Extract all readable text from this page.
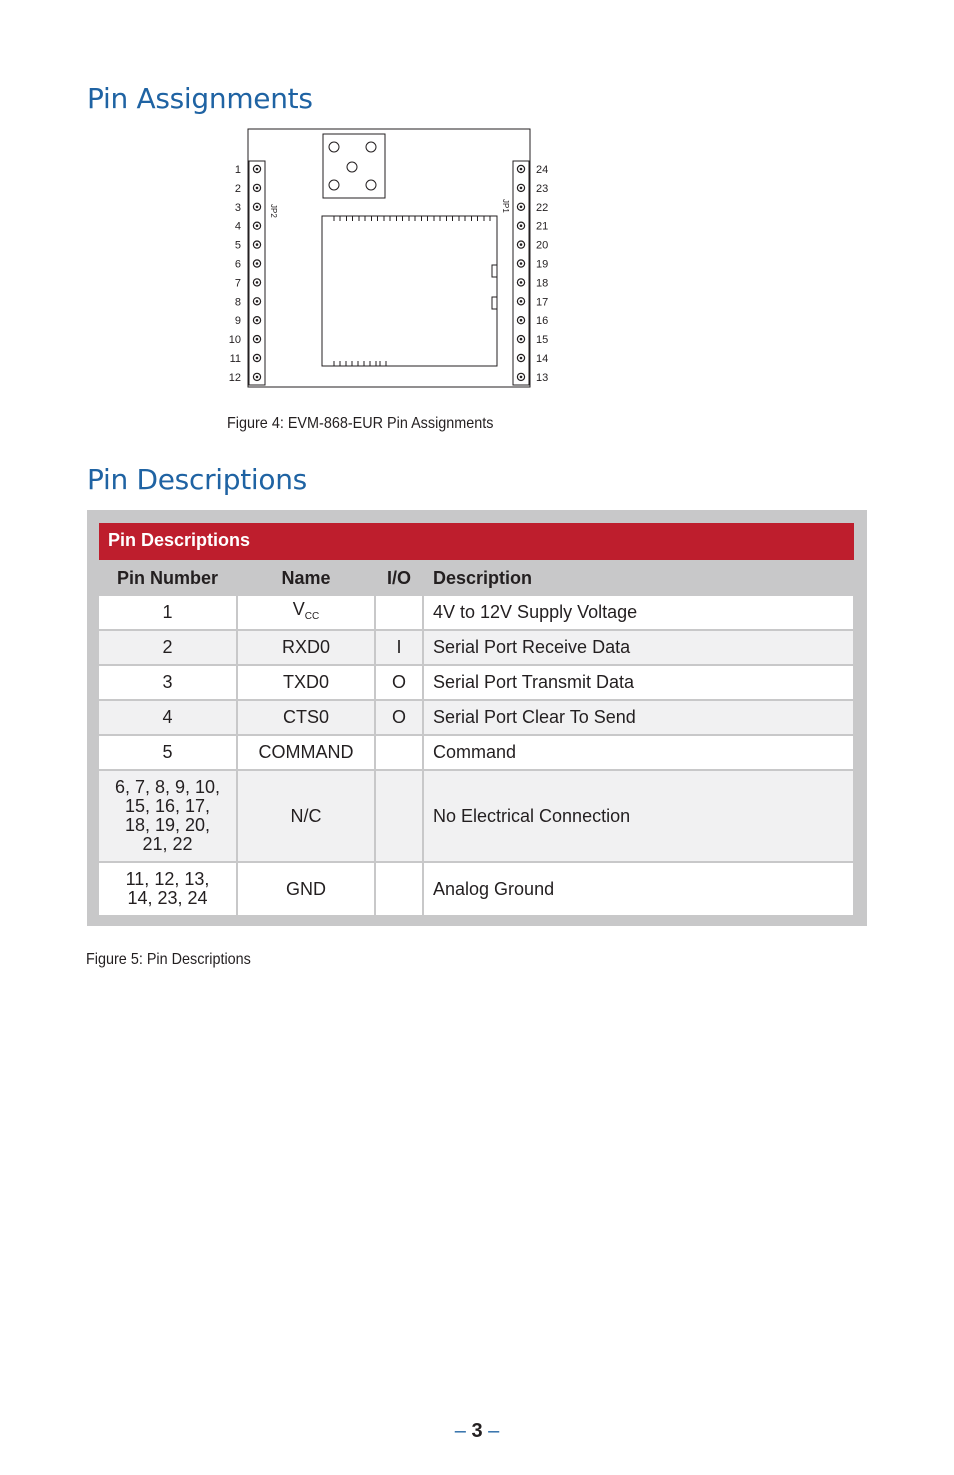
Pin Assignments
1
2
3
4
5
6
7
8
9
10
11
12
24
23
22
21
20
19
18
17
16
15
14
13
JP2	JP1
Figure 4: EVM-868-EUR Pin Assignments
Pin Descriptions
Pin Descriptions
Pin Number	Name	I/O	Description
1	$V_{CC}$		4V to 12V Supply Voltage
2	RXD0	I	Serial Port Receive Data
3	TXD0	O	Serial Port Transmit Data
4	CTS0	O	Serial Port Clear To Send
5	COMMAND		Command

6, 7, 8, 9, 10,
15, 16, 17,
18, 19, 20,
21, 22	N/C		No Electrical Connection

11, 12, 13,
14, 23, 24	GND		Analog Ground
Figure 5: Pin Descriptions
– 3 –
